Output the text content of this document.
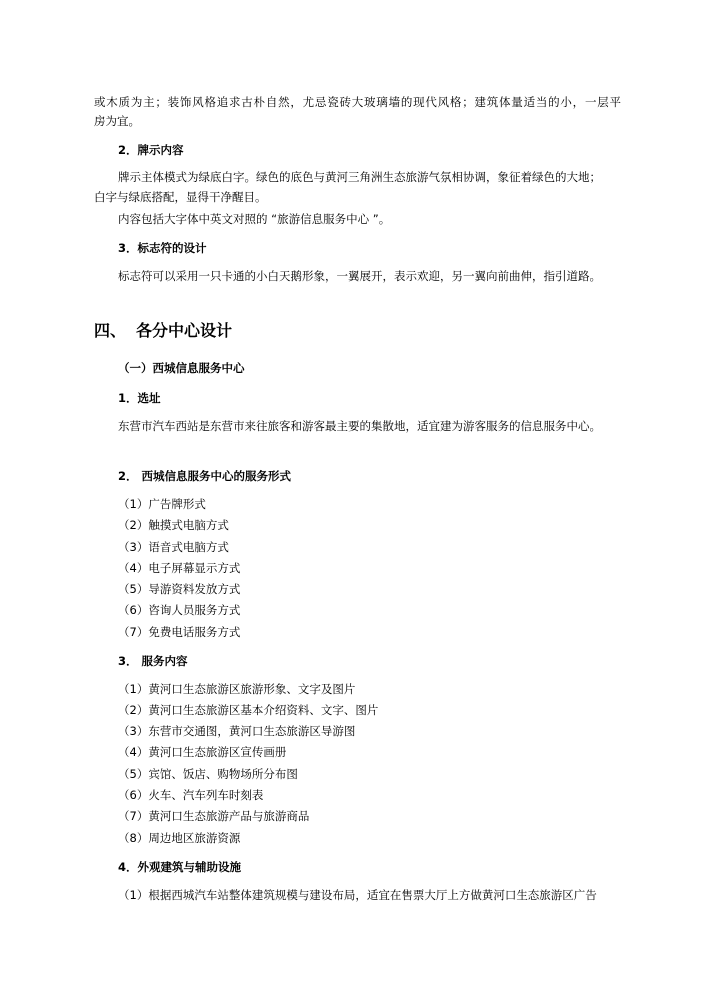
或木质为主；装饰风格追求古朴自然，尤忌瓷砖大玻璃墙的现代风格；建筑体量适当的小，一层平
房为宜。
2．牌示内容
牌示主体模式为绿底白字。绿色的底色与黄河三角洲生态旅游气氛相协调，象征着绿色的大地；
白字与绿底搭配，显得干净醒目。
内容包括大字体中英文对照的 “旅游信息服务中心 ”。
3．标志符的设计
标志符可以采用一只卡通的小白天鹅形象，一翼展开，表示欢迎，另一翼向前曲伸，指引道路。
四、 各分中心设计
（一）西城信息服务中心
1．选址
东营市汽车西站是东营市来往旅客和游客最主要的集散地，适宜建为游客服务的信息服务中心。
2． 西城信息服务中心的服务形式
（1）广告牌形式
（2）触摸式电脑方式
（3）语音式电脑方式
（4）电子屏幕显示方式
（5）导游资料发放方式
（6）咨询人员服务方式
（7）免费电话服务方式
3． 服务内容
（1）黄河口生态旅游区旅游形象、文字及图片
（2）黄河口生态旅游区基本介绍资料、文字、图片
（3）东营市交通图，黄河口生态旅游区导游图
（4）黄河口生态旅游区宣传画册
（5）宾馆、饭店、购物场所分布图
（6）火车、汽车列车时刻表
（7）黄河口生态旅游产品与旅游商品
（8）周边地区旅游资源
4．外观建筑与辅助设施
（1）根据西城汽车站整体建筑规模与建设布局，适宜在售票大厅上方做黄河口生态旅游区广告
